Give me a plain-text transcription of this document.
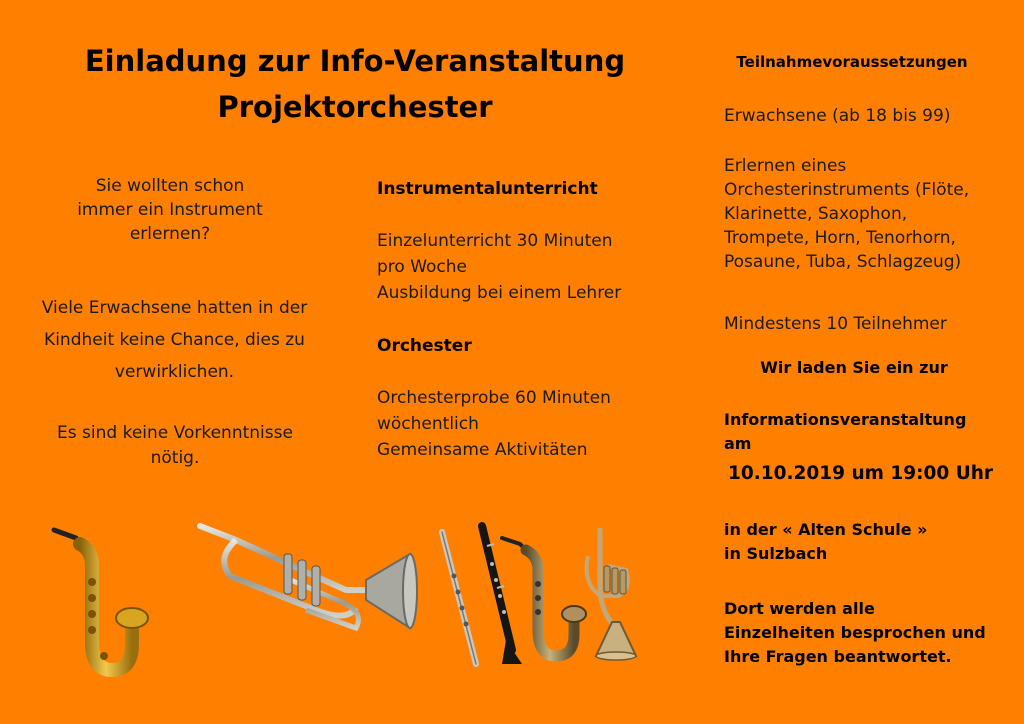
Einladung zur Info-Veranstaltung
Projektorchester
Sie wollten schon
immer ein Instrument
erlernen?
Viele Erwachsene hatten in der
Kindheit keine Chance, dies zu
verwirklichen.
Es sind keine Vorkenntnisse
nötig.
Instrumentalunterricht
Einzelunterricht 30 Minuten
pro Woche
Ausbildung bei einem Lehrer
Orchester
Orchesterprobe 60 Minuten
wöchentlich
Gemeinsame Aktivitäten
Teilnahmevoraussetzungen
Erwachsene (ab 18 bis 99)
Erlernen eines
Orchesterinstruments (Flöte,
Klarinette, Saxophon,
Trompete, Horn, Tenorhorn,
Posaune, Tuba, Schlagzeug)
Mindestens 10 Teilnehmer
Wir laden Sie ein zur
Informationsveranstaltung
am
10.10.2019 um 19:00 Uhr
in der « Alten Schule »
in Sulzbach
Dort werden alle
Einzelheiten besprochen und
Ihre Fragen beantwortet.
